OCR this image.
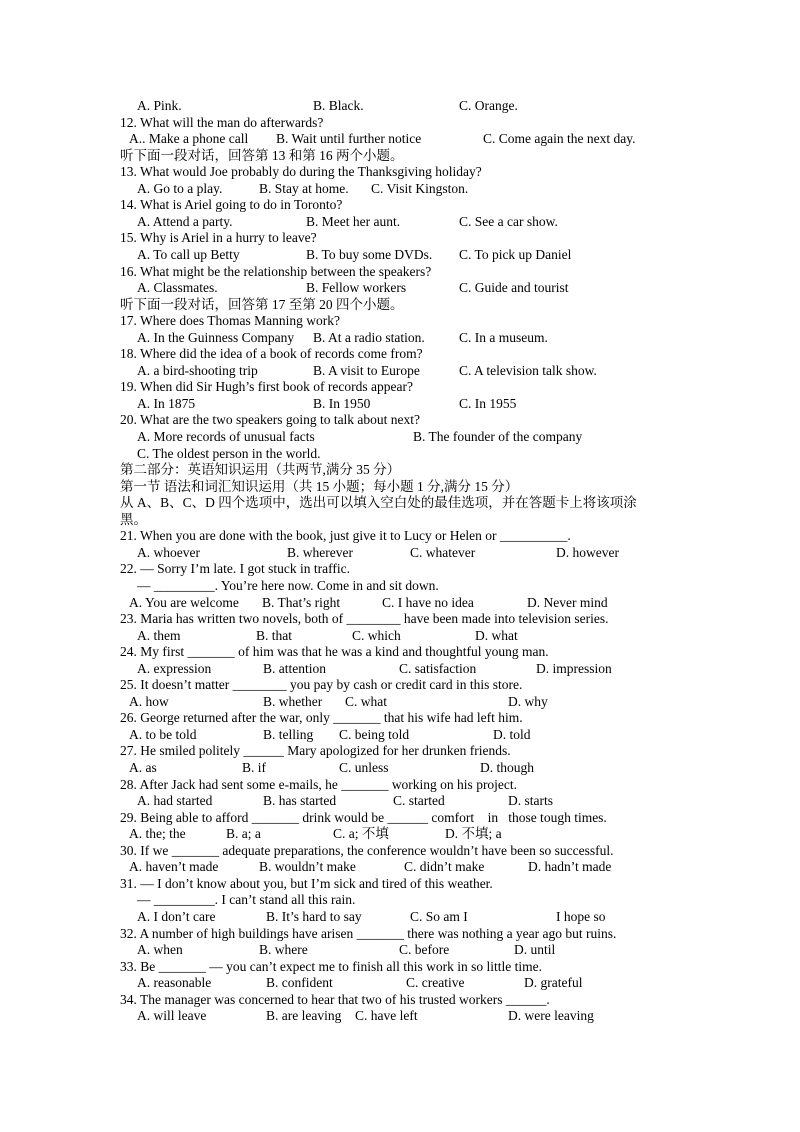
A. Pink.	B. Black.	C. Orange.
12. What will the man do afterwards?
A.. Make a phone call B. Wait until further notice	C. Come again the next day.
听下面一段对话，回答第 13 和第 16 两个小题。
13. What would Joe probably do during the Thanksgiving holiday?
A. Go to a play.	B. Stay at home. C. Visit Kingston.
14. What is Ariel going to do in Toronto?
A. Attend a party.	B. Meet her aunt.	C. See a car show.
15. Why is Ariel in a hurry to leave?
A. To call up Betty	B. To buy some DVDs. C. To pick up Daniel
16. What might be the relationship between the speakers?
A. Classmates.	B. Fellow workers	C. Guide and tourist
听下面一段对话，回答第 17 至第 20 四个小题。
17. Where does Thomas Manning work?
A. In the Guinness Company B. At a radio station.	C. In a museum.
18. Where did the idea of a book of records come from?
A. a bird-shooting trip	B. A visit to Europe	C. A television talk show.
19. When did Sir Hugh’s first book of records appear?
A. In 1875	B. In 1950	C. In 1955
20. What are the two speakers going to talk about next?
A. More records of unusual facts	B. The founder of the company
C. The oldest person in the world.
第二部分：英语知识运用（共两节,满分 35 分）
第一节 语法和词汇知识运用（共 15 小题；每小题 1 分,满分 15 分）
从 A、B、C、D 四个选项中，选出可以填入空白处的最佳选项，并在答题卡上将该项涂
黑。
21. When you are done with the book, just give it to Lucy or Helen or __________.
A. whoever	B. wherever	C. whatever	D. however
22. — Sorry I’m late. I got stuck in traffic.
— _________. You’re here now. Come in and sit down.
A. You are welcome B. That’s right	C. I have no idea	D. Never mind
23. Maria has written two novels, both of ________ have been made into television series.
A. them	B. that	C. which	D. what
24. My first _______ of him was that he was a kind and thoughtful young man.
A. expression	B. attention	C. satisfaction	D. impression
25. It doesn’t matter ________ you pay by cash or credit card in this store.
A. how	B. whether C. what	D. why
26. George returned after the war, only _______ that his wife had left him.
A. to be told	B. telling C. being told	D. told
27. He smiled politely ______ Mary apologized for her drunken friends.
A. as	B. if	C. unless	D. though
28. After Jack had sent some e-mails, he _______ working on his project.
A. had started	B. has started	C. started	D. starts
29. Being able to afford _______ drink would be ______ comfort    in   those tough times.
A. the; the	B. a; a	C. a; 不填	D. 不填; a
30. If we _______ adequate preparations, the conference wouldn’t have been so successful.
A. haven’t made	B. wouldn’t make	C. didn’t make	D. hadn’t made
31. — I don’t know about you, but I’m sick and tired of this weather.
— _________. I can’t stand all this rain.
A. I don’t care	B. It’s hard to say	C. So am I	I hope so
32. A number of high buildings have arisen _______ there was nothing a year ago but ruins.
A. when	B. where	C. before	D. until
33. Be _______ — you can’t expect me to finish all this work in so little time.
A. reasonable	B. confident	C. creative	D. grateful
34. The manager was concerned to hear that two of his trusted workers ______.
A. will leave	B. are leaving C. have left	D. were leaving
